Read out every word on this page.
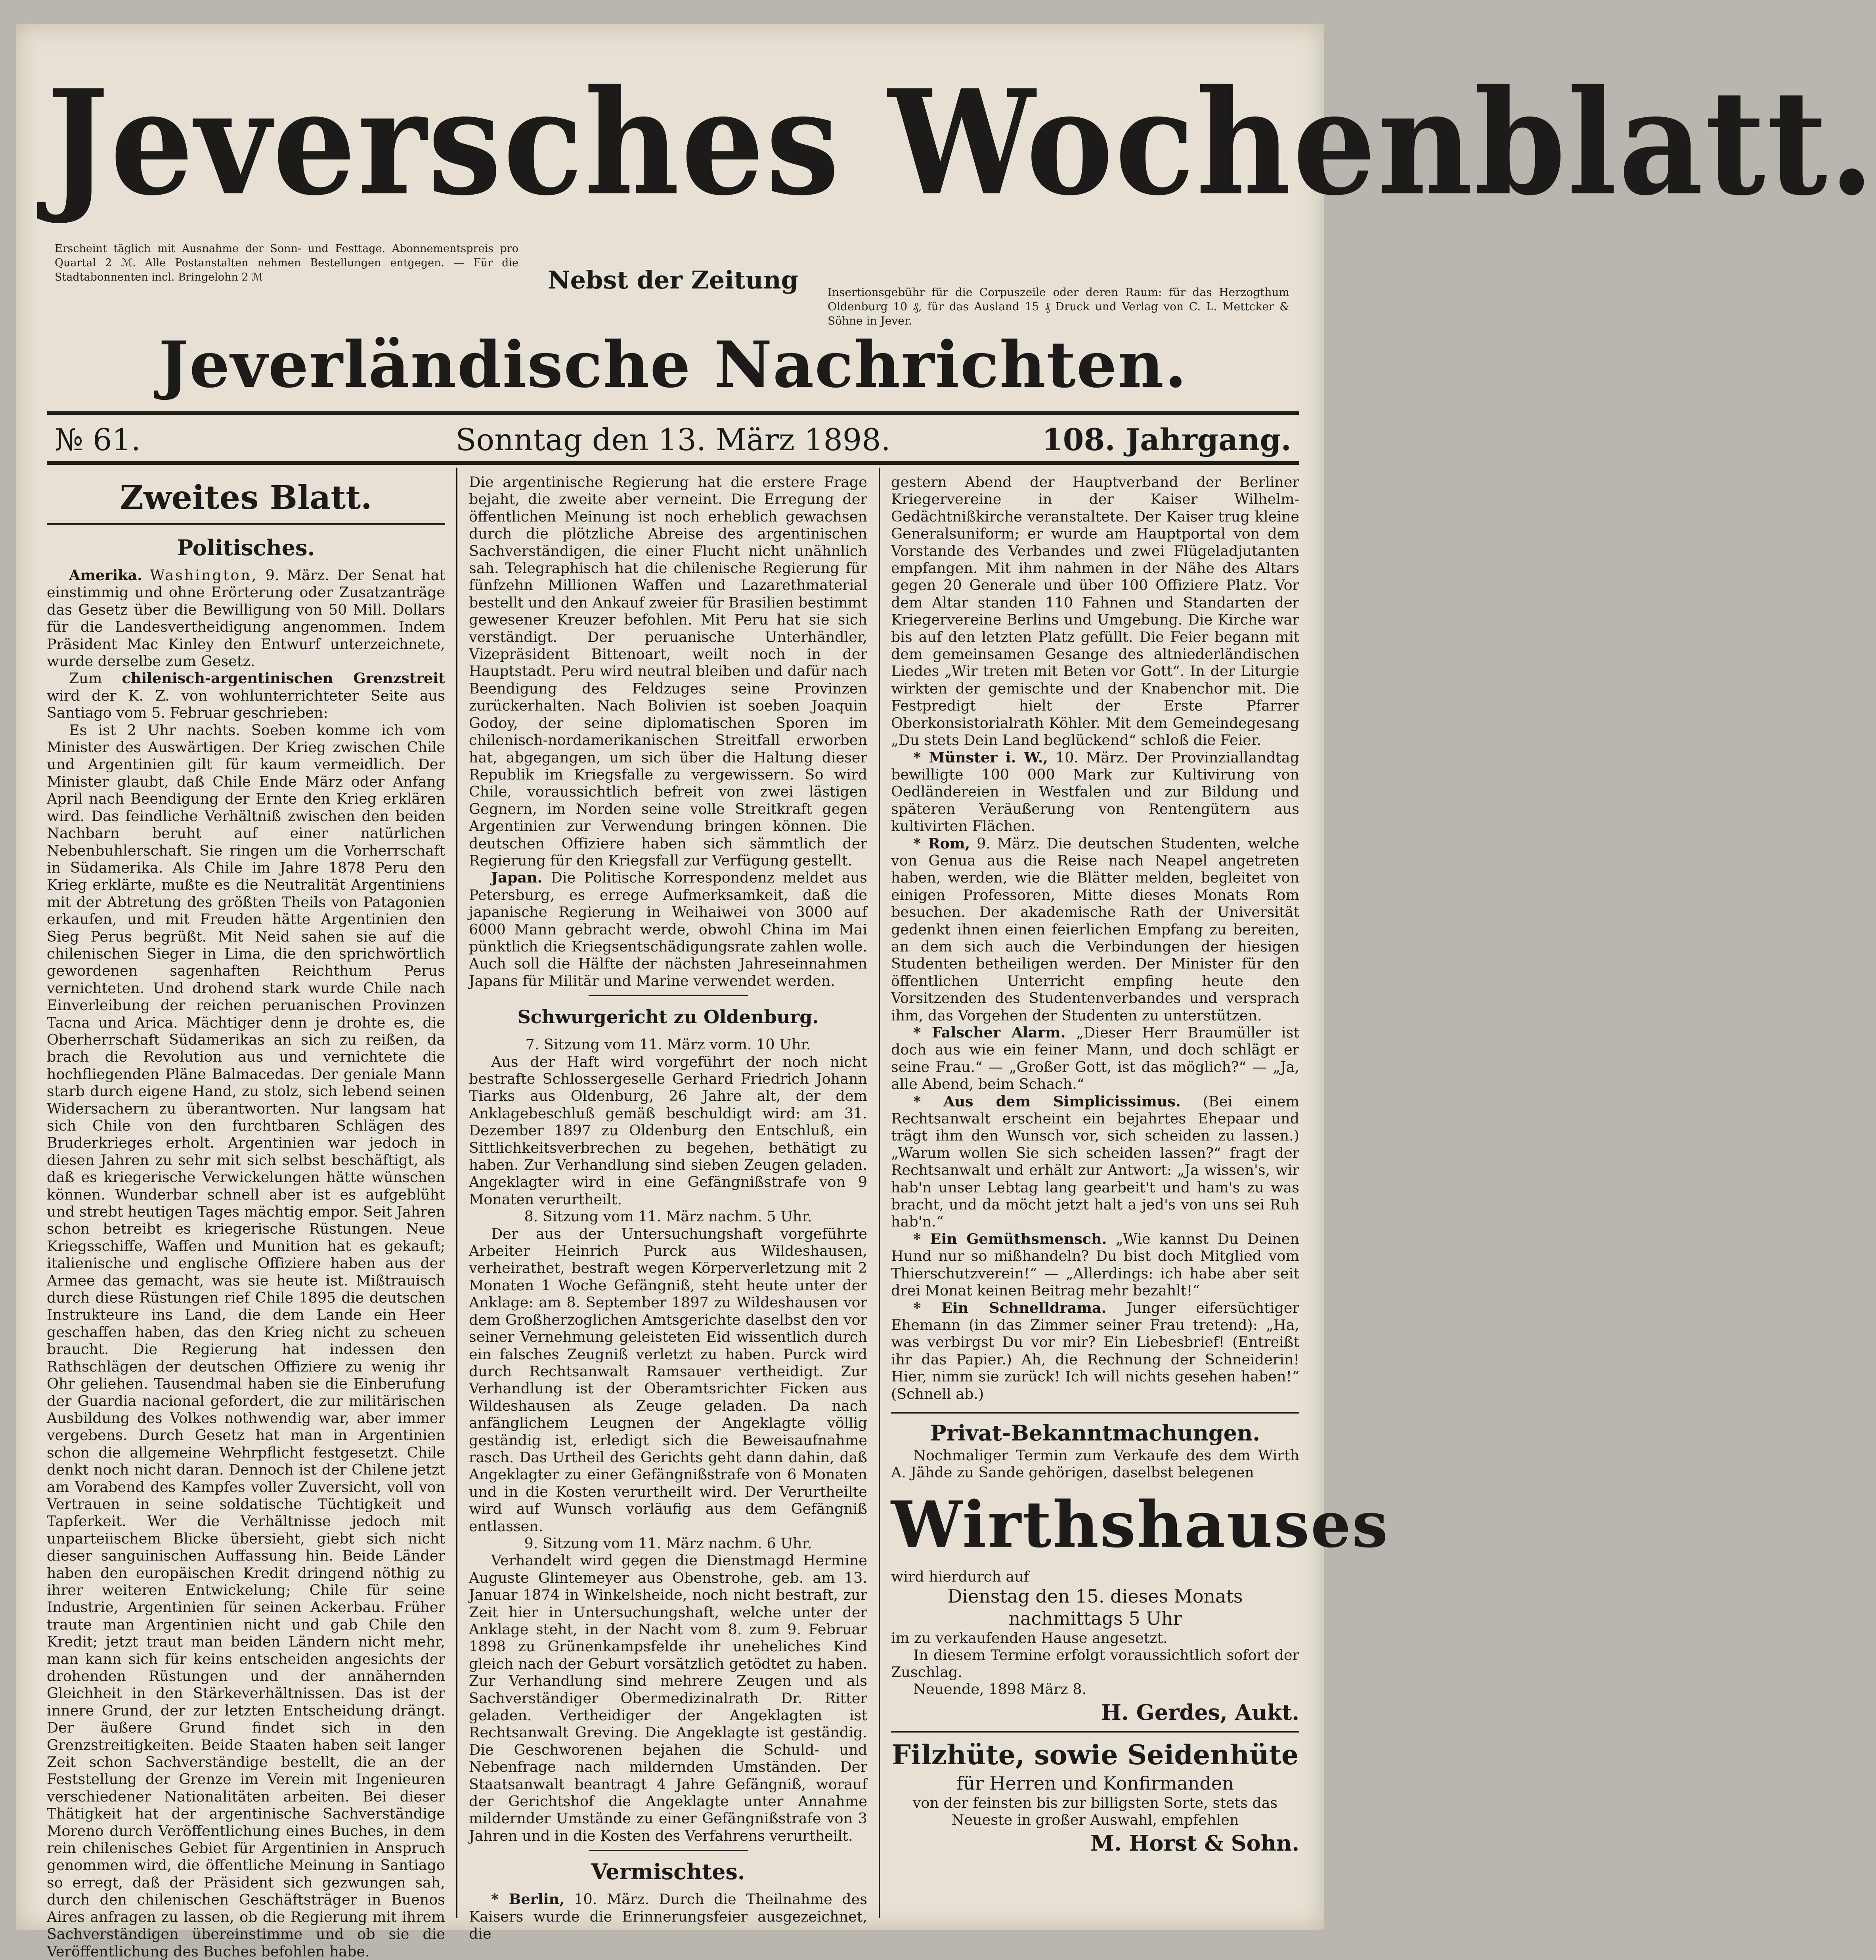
Jeversches Wochenblatt.
Erscheint täglich mit Ausnahme der Sonn- und Festtage. Abonnementspreis pro Quartal 2 ℳ. Alle Postanstalten nehmen Bestellungen entgegen. — Für die Stadtabonnenten incl. Bringelohn 2 ℳ	Nebst der Zeitung	Insertionsgebühr für die Corpuszeile oder deren Raum: für das Herzogthum Oldenburg 10 ₰, für das Ausland 15 ₰ Druck und Verlag von C. L. Mettcker & Söhne in Jever.
Jeverländische Nachrichten.
№ 61.	Sonntag den 13. März 1898.	108. Jahrgang.
Zweites Blatt.
Politisches.

Amerika. Washington, 9. März. Der Senat hat einstimmig und ohne Erörterung oder Zusatzanträge das Gesetz über die Bewilligung von 50 Mill. Dollars für die Landesvertheidigung angenommen. Indem Präsident Mac Kinley den Entwurf unterzeichnete, wurde derselbe zum Gesetz.

Zum chilenisch-argentinischen Grenzstreit wird der K. Z. von wohlunterrichteter Seite aus Santiago vom 5. Februar geschrieben:

Es ist 2 Uhr nachts. Soeben komme ich vom Minister des Auswärtigen. Der Krieg zwischen Chile und Argentinien gilt für kaum vermeidlich. Der Minister glaubt, daß Chile Ende März oder Anfang April nach Beendigung der Ernte den Krieg erklären wird. Das feindliche Verhältniß zwischen den beiden Nachbarn beruht auf einer natürlichen Nebenbuhlerschaft. Sie ringen um die Vorherrschaft in Südamerika. Als Chile im Jahre 1878 Peru den Krieg erklärte, mußte es die Neutralität Argentiniens mit der Abtretung des größten Theils von Patagonien erkaufen, und mit Freuden hätte Argentinien den Sieg Perus begrüßt. Mit Neid sahen sie auf die chilenischen Sieger in Lima, die den sprichwörtlich gewordenen sagenhaften Reichthum Perus vernichteten. Und drohend stark wurde Chile nach Einverleibung der reichen peruanischen Provinzen Tacna und Arica. Mächtiger denn je drohte es, die Oberherrschaft Südamerikas an sich zu reißen, da brach die Revolution aus und vernichtete die hochfliegenden Pläne Balmacedas. Der geniale Mann starb durch eigene Hand, zu stolz, sich lebend seinen Widersachern zu überantworten. Nur langsam hat sich Chile von den furchtbaren Schlägen des Bruderkrieges erholt. Argentinien war jedoch in diesen Jahren zu sehr mit sich selbst beschäftigt, als daß es kriegerische Verwickelungen hätte wünschen können. Wunderbar schnell aber ist es aufgeblüht und strebt heutigen Tages mächtig empor. Seit Jahren schon betreibt es kriegerische Rüstungen. Neue Kriegsschiffe, Waffen und Munition hat es gekauft; italienische und englische Offiziere haben aus der Armee das gemacht, was sie heute ist. Mißtrauisch durch diese Rüstungen rief Chile 1895 die deutschen Instrukteure ins Land, die dem Lande ein Heer geschaffen haben, das den Krieg nicht zu scheuen braucht. Die Regierung hat indessen den Rathschlägen der deutschen Offiziere zu wenig ihr Ohr geliehen. Tausendmal haben sie die Einberufung der Guardia nacional gefordert, die zur militärischen Ausbildung des Volkes nothwendig war, aber immer vergebens. Durch Gesetz hat man in Argentinien schon die allgemeine Wehrpflicht festgesetzt. Chile denkt noch nicht daran. Dennoch ist der Chilene jetzt am Vorabend des Kampfes voller Zuversicht, voll von Vertrauen in seine soldatische Tüchtigkeit und Tapferkeit. Wer die Verhältnisse jedoch mit unparteiischem Blicke übersieht, giebt sich nicht dieser sanguinischen Auffassung hin. Beide Länder haben den europäischen Kredit dringend nöthig zu ihrer weiteren Entwickelung; Chile für seine Industrie, Argentinien für seinen Ackerbau. Früher traute man Argentinien nicht und gab Chile den Kredit; jetzt traut man beiden Ländern nicht mehr, man kann sich für keins entscheiden angesichts der drohenden Rüstungen und der annähernden Gleichheit in den Stärkeverhältnissen. Das ist der innere Grund, der zur letzten Entscheidung drängt. Der äußere Grund findet sich in den Grenzstreitigkeiten. Beide Staaten haben seit langer Zeit schon Sachverständige bestellt, die an der Feststellung der Grenze im Verein mit Ingenieuren verschiedener Nationalitäten arbeiten. Bei dieser Thätigkeit hat der argentinische Sachverständige Moreno durch Veröffentlichung eines Buches, in dem rein chilenisches Gebiet für Argentinien in Anspruch genommen wird, die öffentliche Meinung in Santiago so erregt, daß der Präsident sich gezwungen sah, durch den chilenischen Geschäftsträger in Buenos Aires anfragen zu lassen, ob die Regierung mit ihrem Sachverständigen übereinstimme und ob sie die Veröffentlichung des Buches befohlen habe.

Die argentinische Regierung hat die erstere Frage bejaht, die zweite aber verneint. Die Erregung der öffentlichen Meinung ist noch erheblich gewachsen durch die plötzliche Abreise des argentinischen Sachverständigen, die einer Flucht nicht unähnlich sah. Telegraphisch hat die chilenische Regierung für fünfzehn Millionen Waffen und Lazarethmaterial bestellt und den Ankauf zweier für Brasilien bestimmt gewesener Kreuzer befohlen. Mit Peru hat sie sich verständigt. Der peruanische Unterhändler, Vizepräsident Bittenoart, weilt noch in der Hauptstadt. Peru wird neutral bleiben und dafür nach Beendigung des Feldzuges seine Provinzen zurückerhalten. Nach Bolivien ist soeben Joaquin Godoy, der seine diplomatischen Sporen im chilenisch-nordamerikanischen Streitfall erworben hat, abgegangen, um sich über die Haltung dieser Republik im Kriegsfalle zu vergewissern. So wird Chile, voraussichtlich befreit von zwei lästigen Gegnern, im Norden seine volle Streitkraft gegen Argentinien zur Verwendung bringen können. Die deutschen Offiziere haben sich sämmtlich der Regierung für den Kriegsfall zur Verfügung gestellt.

Japan. Die Politische Korrespondenz meldet aus Petersburg, es errege Aufmerksamkeit, daß die japanische Regierung in Weihaiwei von 3000 auf 6000 Mann gebracht werde, obwohl China im Mai pünktlich die Kriegsentschädigungsrate zahlen wolle. Auch soll die Hälfte der nächsten Jahreseinnahmen Japans für Militär und Marine verwendet werden.

Schwurgericht zu Oldenburg.

7. Sitzung vom 11. März vorm. 10 Uhr.

Aus der Haft wird vorgeführt der noch nicht bestrafte Schlossergeselle Gerhard Friedrich Johann Tiarks aus Oldenburg, 26 Jahre alt, der dem Anklagebeschluß gemäß beschuldigt wird: am 31. Dezember 1897 zu Oldenburg den Entschluß, ein Sittlichkeitsverbrechen zu begehen, bethätigt zu haben. Zur Verhandlung sind sieben Zeugen geladen. Angeklagter wird in eine Gefängnißstrafe von 9 Monaten verurtheilt.

8. Sitzung vom 11. März nachm. 5 Uhr.

Der aus der Untersuchungshaft vorgeführte Arbeiter Heinrich Purck aus Wildeshausen, verheirathet, bestraft wegen Körperverletzung mit 2 Monaten 1 Woche Gefängniß, steht heute unter der Anklage: am 8. September 1897 zu Wildeshausen vor dem Großherzoglichen Amtsgerichte daselbst den vor seiner Vernehmung geleisteten Eid wissentlich durch ein falsches Zeugniß verletzt zu haben. Purck wird durch Rechtsanwalt Ramsauer vertheidigt. Zur Verhandlung ist der Oberamtsrichter Ficken aus Wildeshausen als Zeuge geladen. Da nach anfänglichem Leugnen der Angeklagte völlig geständig ist, erledigt sich die Beweisaufnahme rasch. Das Urtheil des Gerichts geht dann dahin, daß Angeklagter zu einer Gefängnißstrafe von 6 Monaten und in die Kosten verurtheilt wird. Der Verurtheilte wird auf Wunsch vorläufig aus dem Gefängniß entlassen.

9. Sitzung vom 11. März nachm. 6 Uhr.

Verhandelt wird gegen die Dienstmagd Hermine Auguste Glintemeyer aus Obenstrohe, geb. am 13. Januar 1874 in Winkelsheide, noch nicht bestraft, zur Zeit hier in Untersuchungshaft, welche unter der Anklage steht, in der Nacht vom 8. zum 9. Februar 1898 zu Grünenkampsfelde ihr uneheliches Kind gleich nach der Geburt vorsätzlich getödtet zu haben. Zur Verhandlung sind mehrere Zeugen und als Sachverständiger Obermedizinalrath Dr. Ritter geladen. Vertheidiger der Angeklagten ist Rechtsanwalt Greving. Die Angeklagte ist geständig. Die Geschworenen bejahen die Schuld- und Nebenfrage nach mildernden Umständen. Der Staatsanwalt beantragt 4 Jahre Gefängniß, worauf der Gerichtshof die Angeklagte unter Annahme mildernder Umstände zu einer Gefängnißstrafe von 3 Jahren und in die Kosten des Verfahrens verurtheilt.

Vermischtes.

* Berlin, 10. März. Durch die Theilnahme des Kaisers wurde die Erinnerungsfeier ausgezeichnet, die

gestern Abend der Hauptverband der Berliner Kriegervereine in der Kaiser Wilhelm-Gedächtnißkirche veranstaltete. Der Kaiser trug kleine Generalsuniform; er wurde am Hauptportal von dem Vorstande des Verbandes und zwei Flügeladjutanten empfangen. Mit ihm nahmen in der Nähe des Altars gegen 20 Generale und über 100 Offiziere Platz. Vor dem Altar standen 110 Fahnen und Standarten der Kriegervereine Berlins und Umgebung. Die Kirche war bis auf den letzten Platz gefüllt. Die Feier begann mit dem gemeinsamen Gesange des altniederländischen Liedes „Wir treten mit Beten vor Gott“. In der Liturgie wirkten der gemischte und der Knabenchor mit. Die Festpredigt hielt der Erste Pfarrer Oberkonsistorialrath Köhler. Mit dem Gemeindegesang „Du stets Dein Land beglückend“ schloß die Feier.

* Münster i. W., 10. März. Der Provinziallandtag bewilligte 100 000 Mark zur Kultivirung von Oedländereien in Westfalen und zur Bildung und späteren Veräußerung von Rentengütern aus kultivirten Flächen.

* Rom, 9. März. Die deutschen Studenten, welche von Genua aus die Reise nach Neapel angetreten haben, werden, wie die Blätter melden, begleitet von einigen Professoren, Mitte dieses Monats Rom besuchen. Der akademische Rath der Universität gedenkt ihnen einen feierlichen Empfang zu bereiten, an dem sich auch die Verbindungen der hiesigen Studenten betheiligen werden. Der Minister für den öffentlichen Unterricht empfing heute den Vorsitzenden des Studentenverbandes und versprach ihm, das Vorgehen der Studenten zu unterstützen.

* Falscher Alarm. „Dieser Herr Braumüller ist doch aus wie ein feiner Mann, und doch schlägt er seine Frau.“ — „Großer Gott, ist das möglich?“ — „Ja, alle Abend, beim Schach.“

* Aus dem Simplicissimus. (Bei einem Rechtsanwalt erscheint ein bejahrtes Ehepaar und trägt ihm den Wunsch vor, sich scheiden zu lassen.) „Warum wollen Sie sich scheiden lassen?“ fragt der Rechtsanwalt und erhält zur Antwort: „Ja wissen's, wir hab'n unser Lebtag lang gearbeit't und ham's zu was bracht, und da möcht jetzt halt a jed's von uns sei Ruh hab'n.“

* Ein Gemüthsmensch. „Wie kannst Du Deinen Hund nur so mißhandeln? Du bist doch Mitglied vom Thierschutzverein!“ — „Allerdings: ich habe aber seit drei Monat keinen Beitrag mehr bezahlt!“

* Ein Schnelldrama. Junger eifersüchtiger Ehemann (in das Zimmer seiner Frau tretend): „Ha, was verbirgst Du vor mir? Ein Liebesbrief! (Entreißt ihr das Papier.) Ah, die Rechnung der Schneiderin! Hier, nimm sie zurück! Ich will nichts gesehen haben!“ (Schnell ab.)

Privat-Bekanntmachungen.
Nochmaliger Termin zum Verkaufe des dem Wirth A. Jähde zu Sande gehörigen, daselbst belegenen
Wirthshauses
wird hierdurch auf
Dienstag den 15. dieses Monats
nachmittags 5 Uhr
im zu verkaufenden Hause angesetzt.
In diesem Termine erfolgt voraussichtlich sofort der Zuschlag.
Neuende, 1898 März 8.
H. Gerdes, Aukt.
Filzhüte, sowie Seidenhüte
für Herren und Konfirmanden
von der feinsten bis zur billigsten Sorte, stets das Neueste in großer Auswahl, empfehlen
M. Horst & Sohn.
